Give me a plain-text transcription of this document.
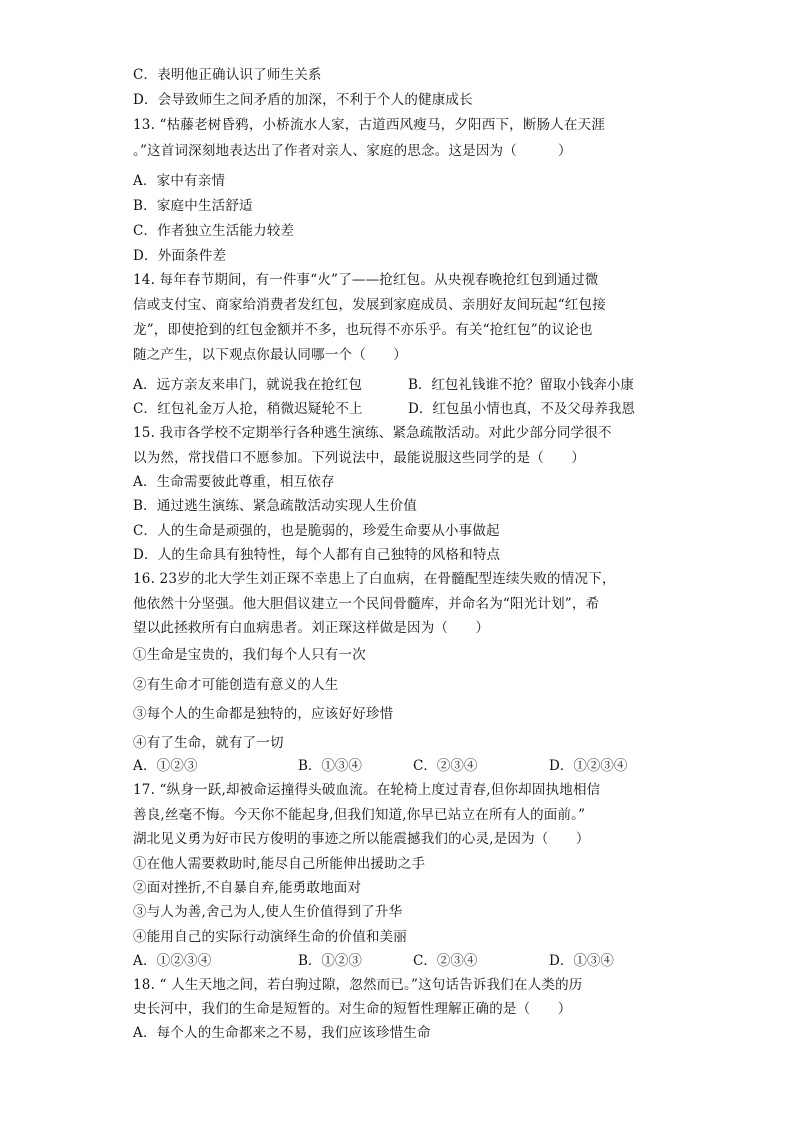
C．表明他正确认识了师生关系
D．会导致师生之间矛盾的加深，不利于个人的健康成长
13. “枯藤老树昏鸦，小桥流水人家，古道西风瘦马，夕阳西下，断肠人在天涯
。”这首词深刻地表达出了作者对亲人、家庭的思念。这是因为（　　　）
A．家中有亲情
B．家庭中生活舒适
C．作者独立生活能力较差
D．外面条件差
14. 每年春节期间，有一件事“火”了——抢红包。从央视春晚抢红包到通过微
信或支付宝、商家给消费者发红包，发展到家庭成员、亲朋好友间玩起“红包接
龙”，即使抢到的红包金额并不多，也玩得不亦乐乎。有关“抢红包”的议论也
随之产生，以下观点你最认同哪一个（　　）
A．远方亲友来串门，就说我在抢红包	B．红包礼钱谁不抢？留取小钱奔小康
C．红包礼金万人抢，稍微迟疑轮不上	D．红包虽小情也真，不及父母养我恩
15. 我市各学校不定期举行各种逃生演练、紧急疏散活动。对此少部分同学很不
以为然，常找借口不愿参加。下列说法中，最能说服这些同学的是（　　）
A．生命需要彼此尊重，相互依存
B．通过逃生演练、紧急疏散活动实现人生价值
C．人的生命是顽强的，也是脆弱的，珍爱生命要从小事做起
D．人的生命具有独特性，每个人都有自己独特的风格和特点
16. 23岁的北大学生刘正琛不幸患上了白血病，在骨髓配型连续失败的情况下，
他依然十分坚强。他大胆倡议建立一个民间骨髓库，并命名为“阳光计划”，希
望以此拯救所有白血病患者。刘正琛这样做是因为（　　）
①生命是宝贵的，我们每个人只有一次
②有生命才可能创造有意义的人生
③每个人的生命都是独特的，应该好好珍惜
④有了生命，就有了一切
A．①②③	B．①③④	C．②③④	D．①②③④
17. “纵身一跃,却被命运撞得头破血流。在轮椅上度过青春,但你却固执地相信
善良,丝毫不悔。今天你不能起身,但我们知道,你早已站立在所有人的面前。”
湖北见义勇为好市民方俊明的事迹之所以能震撼我们的心灵,是因为（　　）
①在他人需要救助时,能尽自己所能伸出援助之手
②面对挫折,不自暴自弃,能勇敢地面对
③与人为善,舍己为人,使人生价值得到了升华
④能用自己的实际行动演绎生命的价值和美丽
A．①②③④	B．①②③	C．②③④	D．①③④
18. “ 人生天地之间，若白驹过隙，忽然而已。”这句话告诉我们在人类的历
史长河中，我们的生命是短暂的。对生命的短暂性理解正确的是（　　）
A．每个人的生命都来之不易，我们应该珍惜生命
